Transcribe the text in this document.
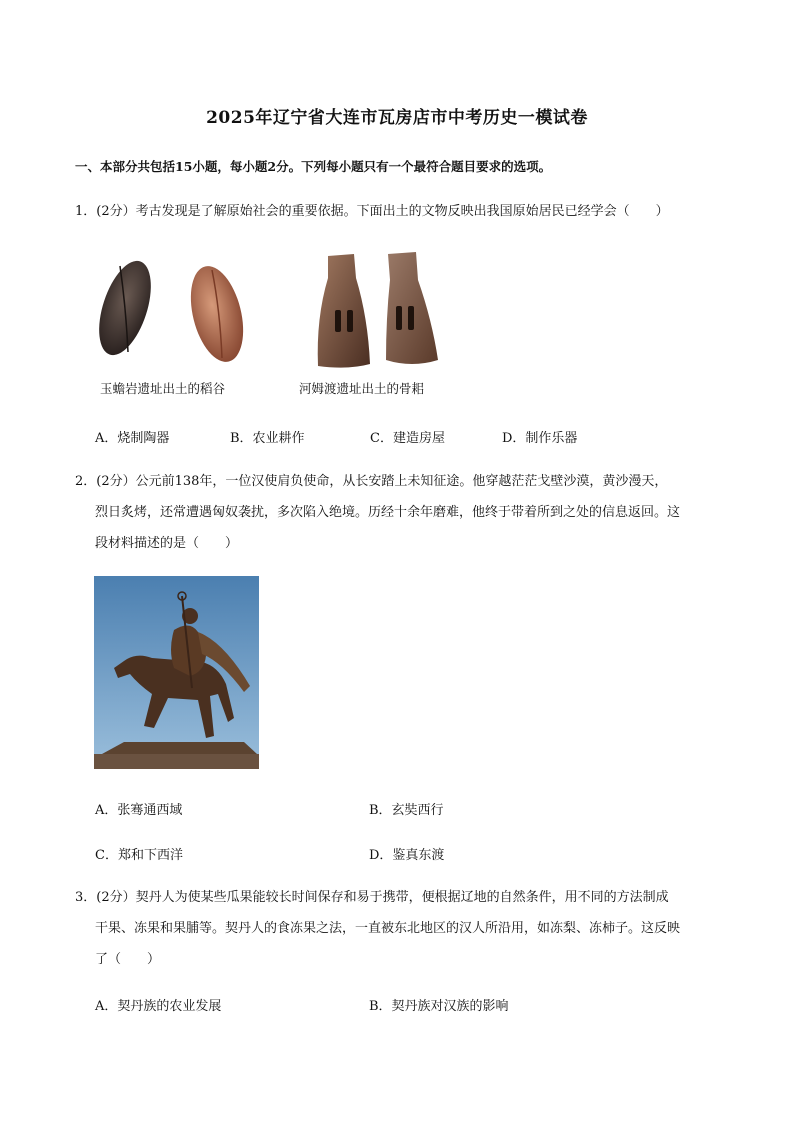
2025年辽宁省大连市瓦房店市中考历史一模试卷
一、本部分共包括15小题，每小题2分。下列每小题只有一个最符合题目要求的选项。
1．(2分）考古发现是了解原始社会的重要依据。下面出土的文物反映出我国原始居民已经学会（　　）
玉蟾岩遗址出土的稻谷	河姆渡遗址出土的骨耜
A．烧制陶器	B．农业耕作	C．建造房屋	D．制作乐器
2．(2分）公元前138年，一位汉使肩负使命，从长安踏上未知征途。他穿越茫茫戈壁沙漠，黄沙漫天，
烈日炙烤，还常遭遇匈奴袭扰，多次陷入绝境。历经十余年磨难，他终于带着所到之处的信息返回。这
段材料描述的是（　　）
A．张骞通西域	B．玄奘西行
C．郑和下西洋	D．鉴真东渡
3．(2分）契丹人为使某些瓜果能较长时间保存和易于携带，便根据辽地的自然条件，用不同的方法制成
干果、冻果和果脯等。契丹人的食冻果之法，一直被东北地区的汉人所沿用，如冻梨、冻柿子。这反映
了（　　）
A．契丹族的农业发展	B．契丹族对汉族的影响
